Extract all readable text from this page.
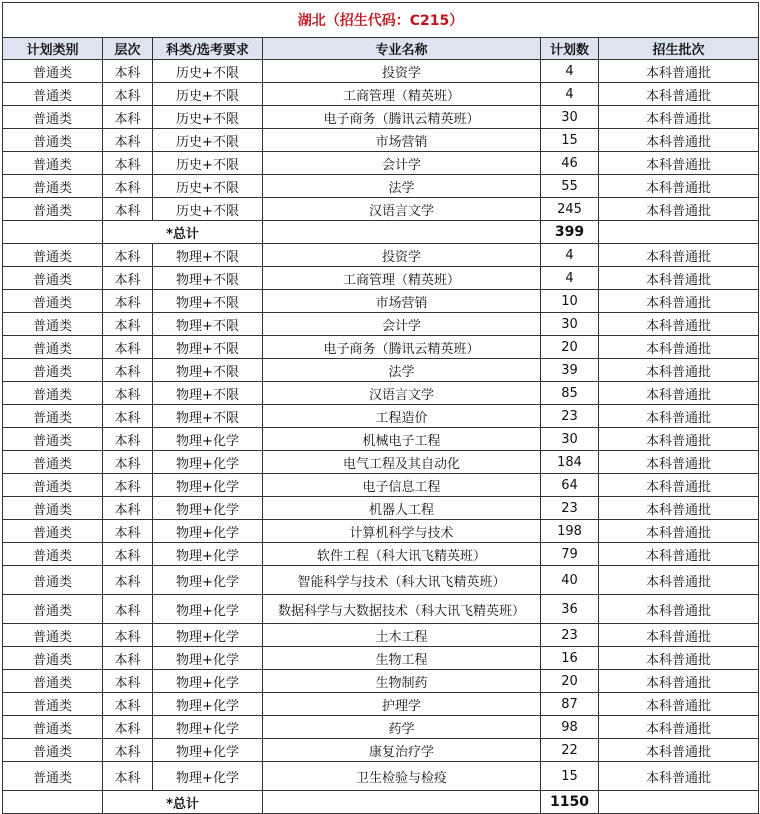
湖北（招生代码：C215）					
计划类别	层次	科类/选考要求	专业名称	计划数	招生批次
普通类	本科	历史+不限	投资学	4	本科普通批
普通类	本科	历史+不限	工商管理（精英班）	4	本科普通批
普通类	本科	历史+不限	电子商务（腾讯云精英班）	30	本科普通批
普通类	本科	历史+不限	市场营销	15	本科普通批
普通类	本科	历史+不限	会计学	46	本科普通批
普通类	本科	历史+不限	法学	55	本科普通批
普通类	本科	历史+不限	汉语言文学	245	本科普通批
	*总计			399	
普通类	本科	物理+不限	投资学	4	本科普通批
普通类	本科	物理+不限	工商管理（精英班）	4	本科普通批
普通类	本科	物理+不限	市场营销	10	本科普通批
普通类	本科	物理+不限	会计学	30	本科普通批
普通类	本科	物理+不限	电子商务（腾讯云精英班）	20	本科普通批
普通类	本科	物理+不限	法学	39	本科普通批
普通类	本科	物理+不限	汉语言文学	85	本科普通批
普通类	本科	物理+不限	工程造价	23	本科普通批
普通类	本科	物理+化学	机械电子工程	30	本科普通批
普通类	本科	物理+化学	电气工程及其自动化	184	本科普通批
普通类	本科	物理+化学	电子信息工程	64	本科普通批
普通类	本科	物理+化学	机器人工程	23	本科普通批
普通类	本科	物理+化学	计算机科学与技术	198	本科普通批
普通类	本科	物理+化学	软件工程（科大讯飞精英班）	79	本科普通批
普通类	本科	物理+化学	智能科学与技术（科大讯飞精英班）	40	本科普通批
普通类	本科	物理+化学	数据科学与大数据技术（科大讯飞精英班）	36	本科普通批
普通类	本科	物理+化学	土木工程	23	本科普通批
普通类	本科	物理+化学	生物工程	16	本科普通批
普通类	本科	物理+化学	生物制药	20	本科普通批
普通类	本科	物理+化学	护理学	87	本科普通批
普通类	本科	物理+化学	药学	98	本科普通批
普通类	本科	物理+化学	康复治疗学	22	本科普通批
普通类	本科	物理+化学	卫生检验与检疫	15	本科普通批
	*总计			1150	
